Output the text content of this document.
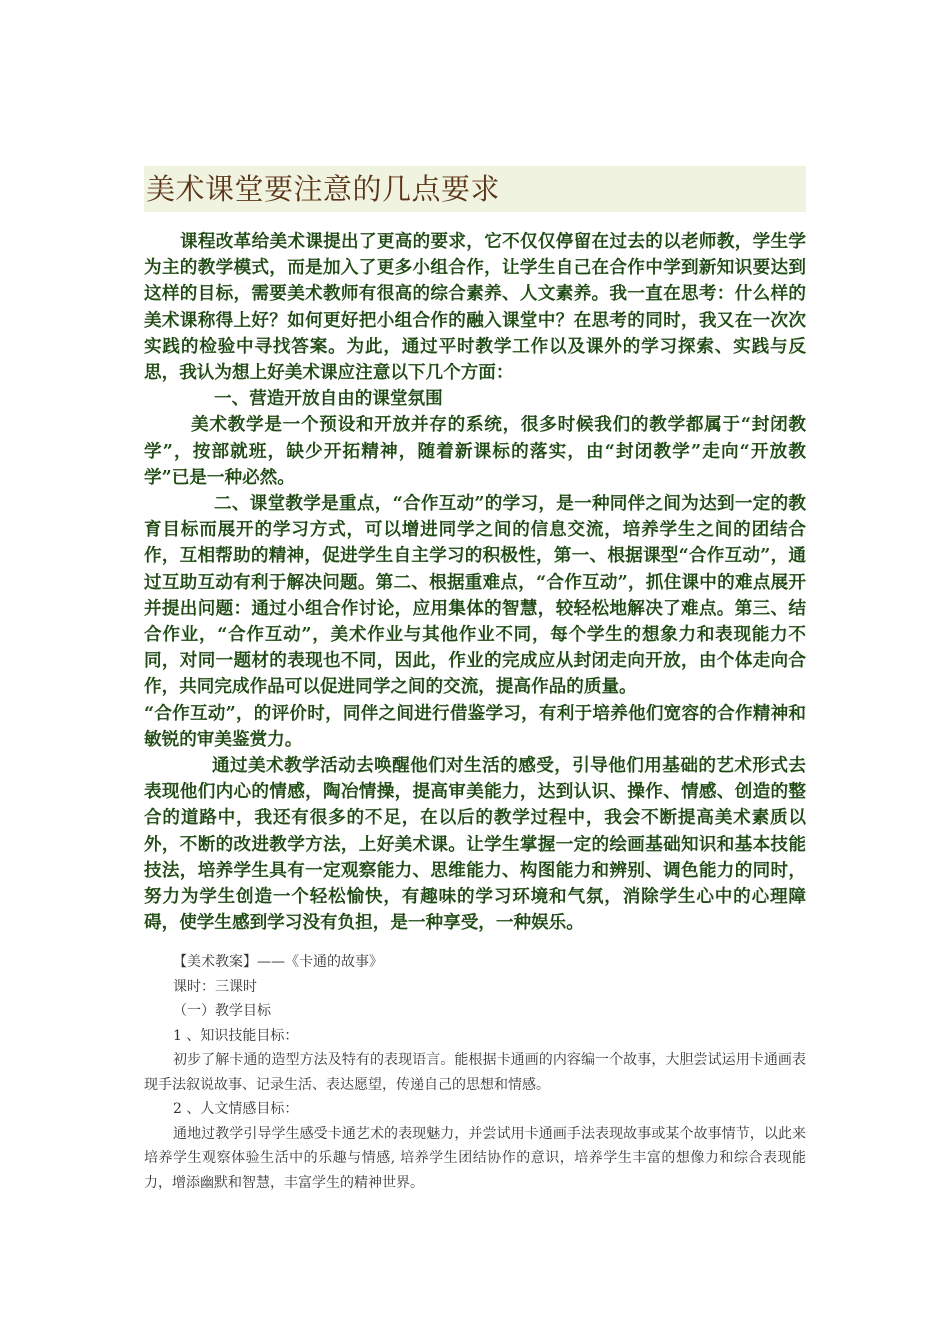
美术课堂要注意的几点要求

课程改革给美术课提出了更高的要求，它不仅仅停留在过去的以老师教，学生学为主的教学模式，而是加入了更多小组合作，让学生自己在合作中学到新知识要达到这样的目标，需要美术教师有很高的综合素养、人文素养。我一直在思考：什么样的美术课称得上好？如何更好把小组合作的融入课堂中？在思考的同时，我又在一次次实践的检验中寻找答案。为此，通过平时教学工作以及课外的学习探索、实践与反思，我认为想上好美术课应注意以下几个方面：

一、营造开放自由的课堂氛围

美术教学是一个预设和开放并存的系统，很多时候我们的教学都属于“封闭教学”，按部就班，缺少开拓精神，随着新课标的落实，由“封闭教学”走向“开放教学”已是一种必然。

二、课堂教学是重点，“合作互动”的学习，是一种同伴之间为达到一定的教育目标而展开的学习方式，可以增进同学之间的信息交流，培养学生之间的团结合作，互相帮助的精神，促进学生自主学习的积极性，第一、根据课型“合作互动”，通过互助互动有利于解决问题。第二、根据重难点，“合作互动”，抓住课中的难点展开并提出问题：通过小组合作讨论，应用集体的智慧，较轻松地解决了难点。第三、结合作业，“合作互动”，美术作业与其他作业不同，每个学生的想象力和表现能力不同，对同一题材的表现也不同，因此，作业的完成应从封闭走向开放，由个体走向合作，共同完成作品可以促进同学之间的交流，提高作品的质量。

“合作互动”，的评价时，同伴之间进行借鉴学习，有利于培养他们宽容的合作精神和敏锐的审美鉴赏力。

通过美术教学活动去唤醒他们对生活的感受，引导他们用基础的艺术形式去表现他们内心的情感，陶冶情操，提高审美能力，达到认识、操作、情感、创造的整合的道路中，我还有很多的不足，在以后的教学过程中，我会不断提高美术素质以外，不断的改进教学方法，上好美术课。让学生掌握一定的绘画基础知识和基本技能技法，培养学生具有一定观察能力、思维能力、构图能力和辨别、调色能力的同时，努力为学生创造一个轻松愉快，有趣味的学习环境和气氛，消除学生心中的心理障碍，使学生感到学习没有负担，是一种享受，一种娱乐。

【美术教案】——《卡通的故事》

课时：三课时

（一）教学目标

1 、知识技能目标：

初步了解卡通的造型方法及特有的表现语言。能根据卡通画的内容编一个故事，大胆尝试运用卡通画表现手法叙说故事、记录生活、表达愿望，传递自己的思想和情感。

2 、人文情感目标：

通地过教学引导学生感受卡通艺术的表现魅力，并尝试用卡通画手法表现故事或某个故事情节，以此来培养学生观察体验生活中的乐趣与情感, 培养学生团结协作的意识，培养学生丰富的想像力和综合表现能力，增添幽默和智慧，丰富学生的精神世界。
